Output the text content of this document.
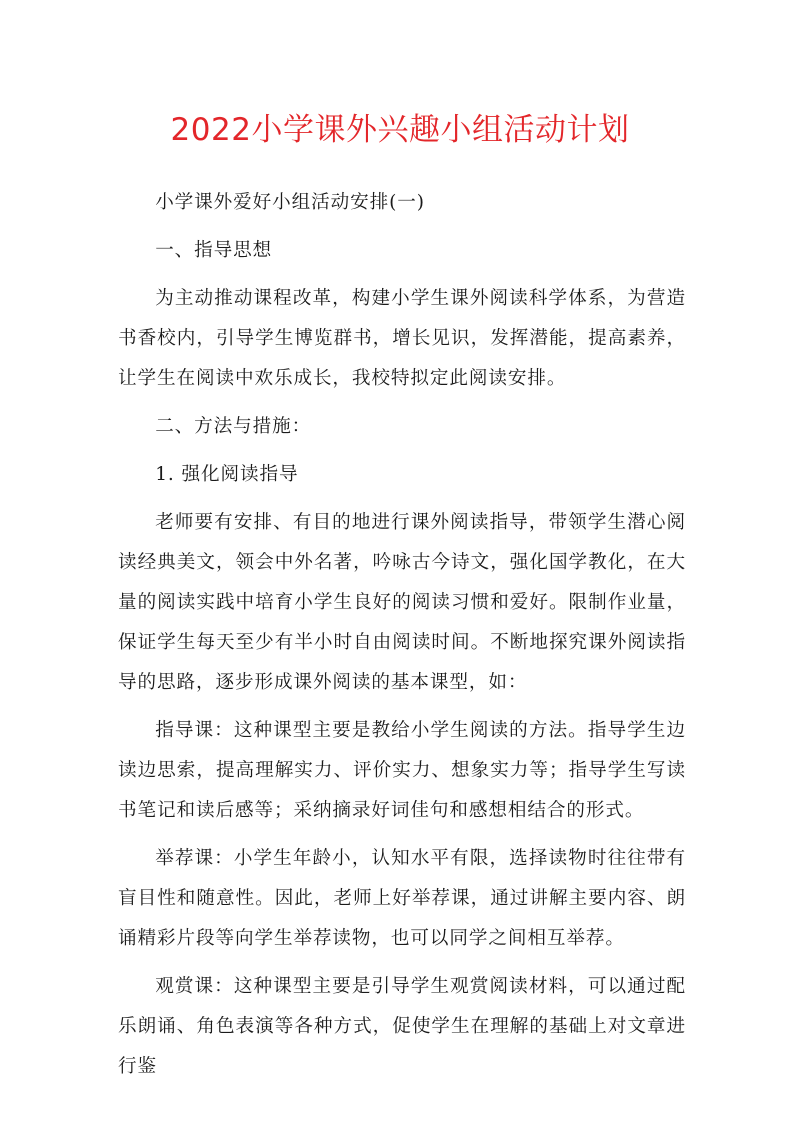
2022小学课外兴趣小组活动计划

小学课外爱好小组活动安排(一)

一、指导思想

为主动推动课程改革，构建小学生课外阅读科学体系，为营造书香校内，引导学生博览群书，增长见识，发挥潜能，提高素养，让学生在阅读中欢乐成长，我校特拟定此阅读安排。

二、方法与措施：

1. 强化阅读指导

老师要有安排、有目的地进行课外阅读指导，带领学生潜心阅读经典美文，领会中外名著，吟咏古今诗文，强化国学教化，在大量的阅读实践中培育小学生良好的阅读习惯和爱好。限制作业量，保证学生每天至少有半小时自由阅读时间。不断地探究课外阅读指导的思路，逐步形成课外阅读的基本课型，如：

指导课：这种课型主要是教给小学生阅读的方法。指导学生边读边思索，提高理解实力、评价实力、想象实力等；指导学生写读书笔记和读后感等；采纳摘录好词佳句和感想相结合的形式。

举荐课：小学生年龄小，认知水平有限，选择读物时往往带有盲目性和随意性。因此，老师上好举荐课，通过讲解主要内容、朗诵精彩片段等向学生举荐读物，也可以同学之间相互举荐。

观赏课：这种课型主要是引导学生观赏阅读材料，可以通过配乐朗诵、角色表演等各种方式，促使学生在理解的基础上对文章进行鉴
